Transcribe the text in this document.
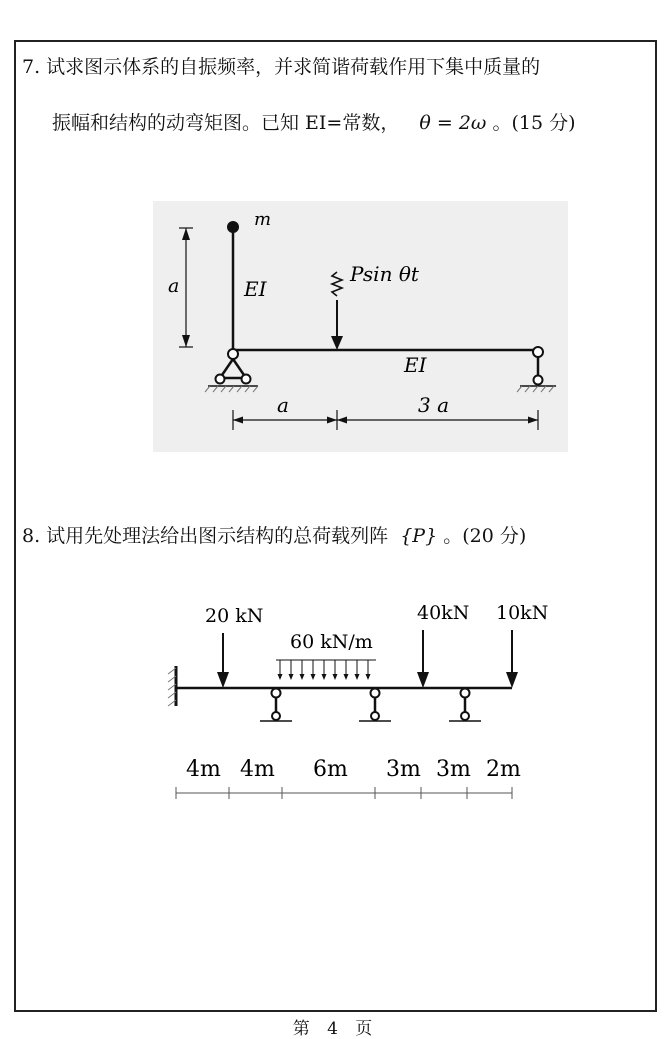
7. 试求图示体系的自振频率，并求简谐荷载作用下集中质量的
振幅和结构的动弯矩图。已知 EI=常数， θ = 2ω 。(15 分)
m
a	EI
Psin θt
EI
a	3 a
8. 试用先处理法给出图示结构的总荷载列阵 {P} 。(20 分)
20 kN
60 kN/m
40kN 10kN
4m 4m 6m 3m 3m 2m
第 4 页
